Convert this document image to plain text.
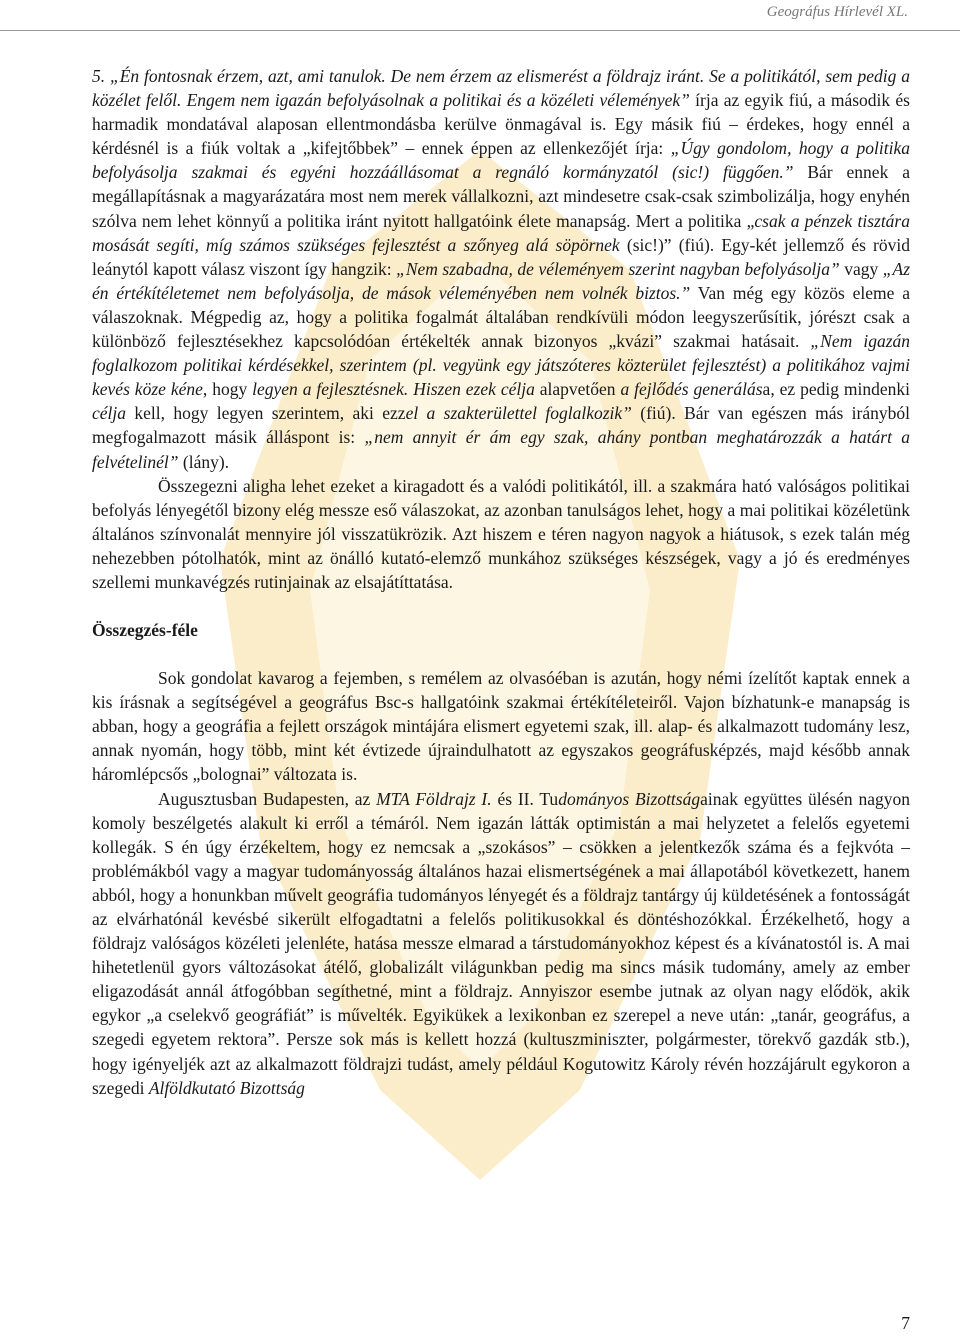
Geográfus Hírlevél XL.

5. „Én fontosnak érzem, azt, ami tanulok. De nem érzem az elismerést a földrajz iránt. Se a politikától, sem pedig a közélet felől. Engem nem igazán befolyásolnak a politikai és a közéleti vélemények” írja az egyik fiú, a második és harmadik mondatával alaposan ellentmondásba kerülve önmagával is. Egy másik fiú – érdekes, hogy ennél a kérdésnél is a fiúk voltak a „kifejtőbbek” – ennek éppen az ellenkezőjét írja: „Úgy gondolom, hogy a politika befolyásolja szakmai és egyéni hozzáállásomat a regnáló kormányzatól (sic!) függően.” Bár ennek a megállapításnak a magyarázatára most nem merek vállalkozni, azt mindesetre csak-csak szimbolizálja, hogy enyhén szólva nem lehet könnyű a politika iránt nyitott hallgatóink élete manapság. Mert a politika „csak a pénzek tisztára mosását segíti, míg számos szükséges fejlesztést a szőnyeg alá söpörnek (sic!)” (fiú). Egy-két jellemző és rövid leánytól kapott válasz viszont így hangzik: „Nem szabadna, de véleményem szerint nagyban befolyásolja” vagy „Az én értékítéletemet nem befolyásolja, de mások véleményében nem volnék biztos.” Van még egy közös eleme a válaszoknak. Mégpedig az, hogy a politika fogalmát általában rendkívüli módon leegyszerűsítik, jórészt csak a különböző fejlesztésekhez kapcsolódóan értékelték annak bizonyos „kvázi” szakmai hatásait. „Nem igazán foglalkozom politikai kérdésekkel, szerintem (pl. vegyünk egy játszóteres közterület fejlesztést) a politikához vajmi kevés köze kéne, hogy legyen a fejlesztésnek. Hiszen ezek célja alapvetően a fejlődés generálása, ez pedig mindenki célja kell, hogy legyen szerintem, aki ezzel a szakterülettel foglalkozik” (fiú). Bár van egészen más irányból megfogalmazott másik álláspont is: „nem annyit ér ám egy szak, ahány pontban meghatározzák a határt a felvételinél” (lány).

Összegezni aligha lehet ezeket a kiragadott és a valódi politikától, ill. a szakmára ható valóságos politikai befolyás lényegétől bizony elég messze eső válaszokat, az azonban tanulságos lehet, hogy a mai politikai közéletünk általános színvonalát mennyire jól visszatükrözik. Azt hiszem e téren nagyon nagyok a hiátusok, s ezek talán még nehezebben pótolhatók, mint az önálló kutató-elemző munkához szükséges készségek, vagy a jó és eredményes szellemi munkavégzés rutinjainak az elsajátíttatása.

Összegzés-féle

Sok gondolat kavarog a fejemben, s remélem az olvasóéban is azután, hogy némi ízelítőt kaptak ennek a kis írásnak a segítségével a geográfus Bsc-s hallgatóink szakmai értékítéleteiről. Vajon bízhatunk-e manapság is abban, hogy a geográfia a fejlett országok mintájára elismert egyetemi szak, ill. alap- és alkalmazott tudomány lesz, annak nyomán, hogy több, mint két évtizede újraindulhatott az egyszakos geográfusképzés, majd később annak háromlépcsős „bolognai” változata is.

Augusztusban Budapesten, az MTA Földrajz I. és II. Tudományos Bizottságainak együttes ülésén nagyon komoly beszélgetés alakult ki erről a témáról. Nem igazán látták optimistán a mai helyzetet a felelős egyetemi kollegák. S én úgy érzékeltem, hogy ez nemcsak a „szokásos” – csökken a jelentkezők száma és a fejkvóta – problémákból vagy a magyar tudományosság általános hazai elismertségének a mai állapotából következett, hanem abból, hogy a honunkban művelt geográfia tudományos lényegét és a földrajz tantárgy új küldetésének a fontosságát az elvárhatónál kevésbé sikerült elfogadtatni a felelős politikusokkal és döntéshozókkal. Érzékelhető, hogy a földrajz valóságos közéleti jelenléte, hatása messze elmarad a társtudományokhoz képest és a kívánatostól is. A mai hihetetlenül gyors változásokat átélő, globalizált világunkban pedig ma sincs másik tudomány, amely az ember eligazodását annál átfogóbban segíthetné, mint a földrajz. Annyiszor esembe jutnak az olyan nagy elődök, akik egykor „a cselekvő geográfiát” is művelték. Egyikükek a lexikonban ez szerepel a neve után: „tanár, geográfus, a szegedi egyetem rektora”. Persze sok más is kellett hozzá (kultuszminiszter, polgármester, törekvő gazdák stb.), hogy igényeljék azt az alkalmazott földrajzi tudást, amely például Kogutowitz Károly révén hozzájárult egykoron a szegedi Alföldkutató Bizottság

7
